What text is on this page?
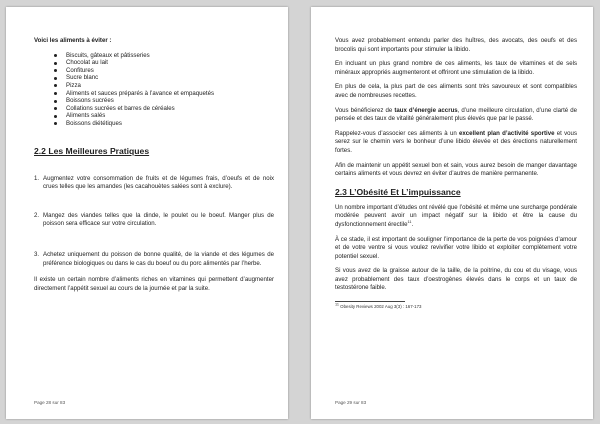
Voici les aliments à éviter :

Biscuits, gâteaux et pâtisseries
Chocolat au lait
Confitures
Sucre blanc
Pizza
Aliments et sauces préparés à l’avance et empaquetés
Boissons sucrées
Collations sucrées et barres de céréales
Aliments salés
Boissons diététiques
2.2 Les Meilleures Pratiques
1. Augmentez votre consommation de fruits et de légumes frais, d’oeufs et de noix crues telles que les amandes (les cacahouètes salées sont à exclure).
2. Mangez des viandes telles que la dinde, le poulet ou le boeuf. Manger plus de poisson sera efficace sur votre circulation.
3. Achetez uniquement du poisson de bonne qualité, de la viande et des légumes de préférence biologiques ou dans le cas du boeuf ou du porc alimentés par l’herbe.

Il existe un certain nombre d’aliments riches en vitamines qui permettent d’augmenter directement l’appétit sexuel au cours de la journée et par la suite.

Page 28 sur 83

Vous avez probablement entendu parler des huîtres, des avocats, des oeufs et des brocolis qui sont importants pour stimuler la libido.

En incluant un plus grand nombre de ces aliments, les taux de vitamines et de sels minéraux appropriés augmenteront et offriront une stimulation de la libido.

En plus de cela, la plus part de ces aliments sont très savoureux et sont compatibles avec de nombreuses recettes.

Vous bénéficierez de taux d’énergie accrus, d’une meilleure circulation, d’une clarté de pensée et des taux de vitalité généralement plus élevés que par le passé.

Rappelez-vous d’associer ces aliments à un excellent plan d’activité sportive et vous serez sur le chemin vers le bonheur d’une libido élevée et des érections naturellement fortes.

Afin de maintenir un appétit sexuel bon et sain, vous aurez besoin de manger davantage certains aliments et vous devrez en éviter d’autres de manière permanente.

2.3 L’Obésité Et L’impuissance

Un nombre important d’études ont révélé que l’obésité et même une surcharge pondérale modérée peuvent avoir un impact négatif sur la libido et être la cause du dysfonctionnement érectile$^{11}$.

À ce stade, il est important de souligner l’importance de la perte de vos poignées d’amour et de votre ventre si vous voulez revivifier votre libido et exploiter complètement votre potentiel sexuel.

Si vous avez de la graisse autour de la taille, de la poitrine, du cou et du visage, vous avez probablement des taux d’oestrogènes élevés dans le corps et un taux de testostérone faible.

$^{11}$ Obesity Reviews 2002 Aug 3(3) : 167-173
Page 29 sur 83
